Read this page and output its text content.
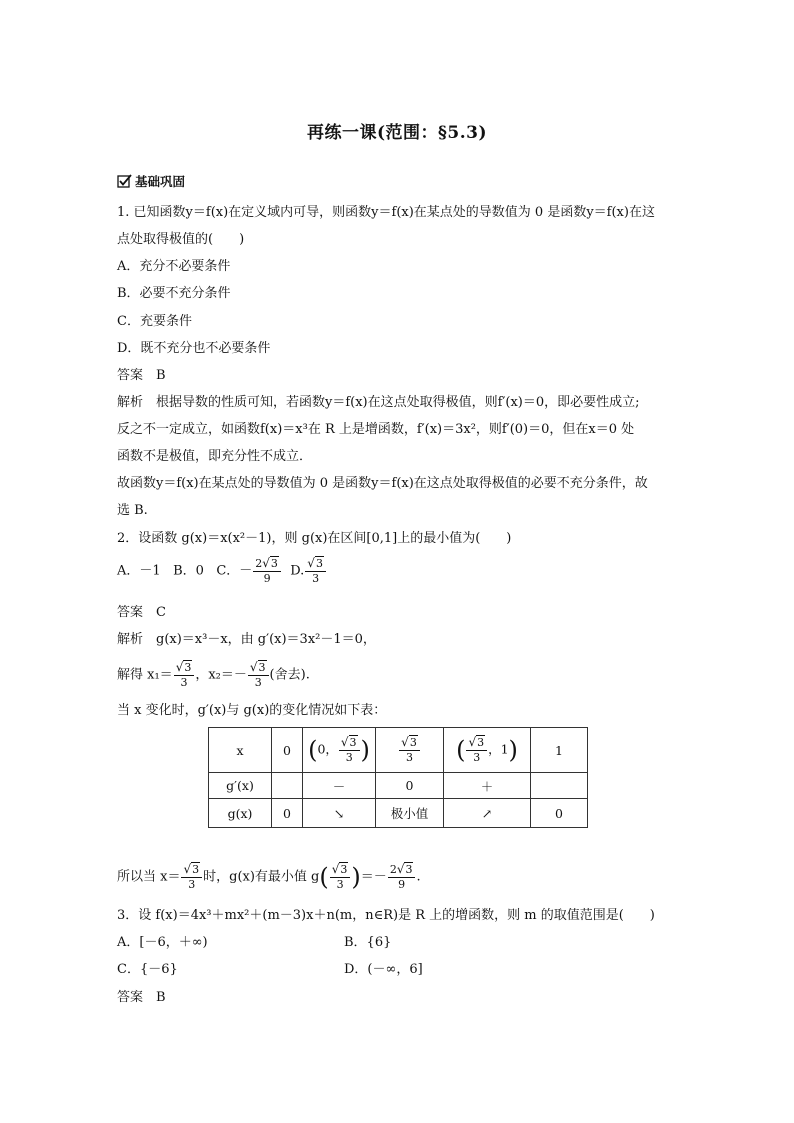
再练一课(范围：§5.3)
基础巩固
1. 已知函数y＝f(x)在定义域内可导，则函数y＝f(x)在某点处的导数值为 0 是函数y＝f(x)在这
点处取得极值的(　　)
A．充分不必要条件
B．必要不充分条件
C．充要条件
D．既不充分也不必要条件
答案　B
解析　根据导数的性质可知，若函数y＝f(x)在这点处取得极值，则f′(x)＝0，即必要性成立;
反之不一定成立，如函数f(x)＝x³在 R 上是增函数，f′(x)＝3x²，则f′(0)＝0，但在x＝0 处
函数不是极值，即充分性不成立．
故函数y＝f(x)在某点处的导数值为 0 是函数y＝f(x)在这点处取得极值的必要不充分条件，故
选 B.
2．设函数 g(x)＝x(x²－1)，则 g(x)在区间[0,1]上的最小值为(　　)
A．－1 B．0 C．－ $\frac{2 √ 3}{9} D$. $\frac{√ 3}{3}$
答案　C
解析　g(x)＝x³－x，由 g′(x)＝3x²－1＝0，
解得 $x_1= \frac{√ 3}{3}$ ，$x_2=- \frac{√ 3}{3}$ (舍去).
当 x 变化时，g′(x)与 g(x)的变化情况如下表：
x	0	(0， $\frac{√ 3}{3}$ )	$\frac{√ 3}{3}$	( $\frac{√ 3}{3}$ ，1)	1
g′(x)		－	0	＋	
g(x)	0	↘	极小值	↗	0
所以当 $x= \frac{√ 3}{3}$ 时，g(x)有最小值 $g( \frac{√ 3}{3}$ )＝－ $\frac{2 √ 3}{9}$ .
3．设 f(x)＝4x³＋mx²＋(m－3)x＋n(m，n∈R)是 R 上的增函数，则 m 的取值范围是(　　)
A．[－6，＋∞)	B．{6}
C．{－6}	D．(－∞，6]
答案　B
